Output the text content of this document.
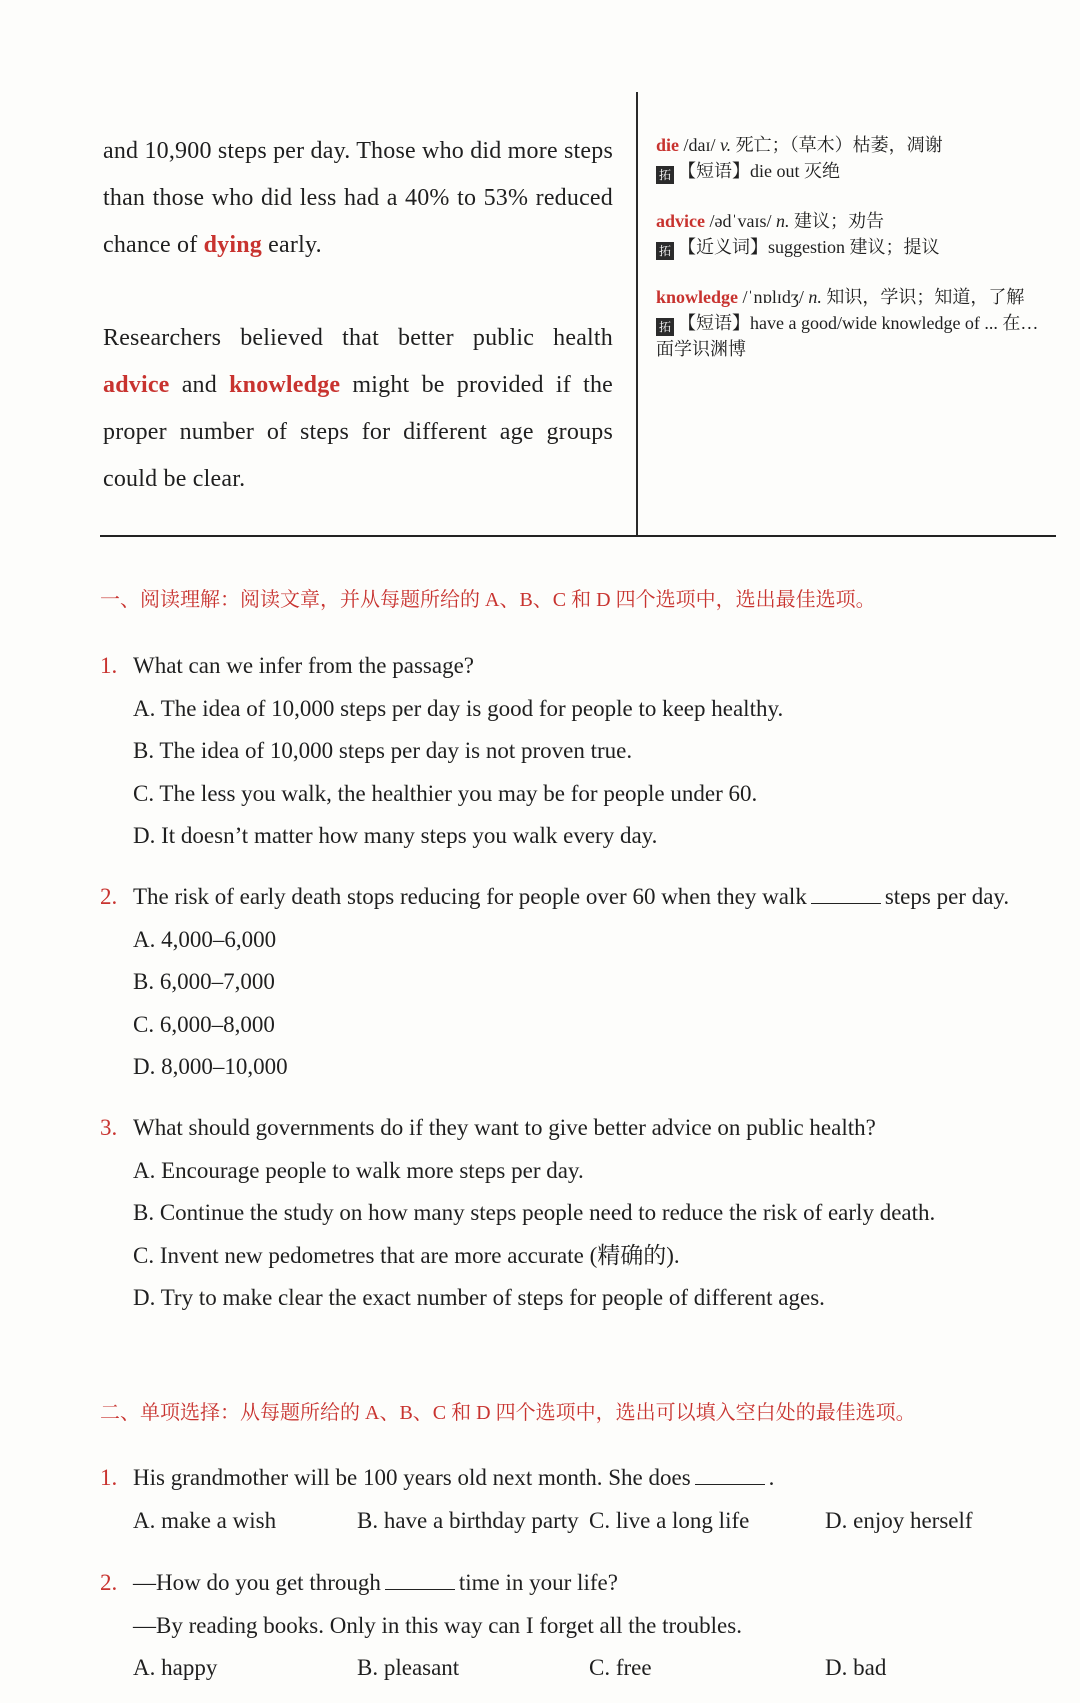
and 10,900 steps per day. Those who did more steps than those who did less had a 40% to 53% reduced chance of dying early.

Researchers believed that better public health advice and knowledge might be provided if the proper number of steps for different age groups could be clear.

die /daɪ/ v. 死亡；（草木）枯萎，凋谢
拓 【短语】die out 灭绝
advice /ədˈvaɪs/ n. 建议；劝告
拓 【近义词】suggestion 建议；提议
knowledge /ˈnɒlɪdʒ/ n. 知识，学识；知道，了解
拓 【短语】have a good/wide knowledge of ... 在…面学识渊博
一、阅读理解：阅读文章，并从每题所给的 A、B、C 和 D 四个选项中，选出最佳选项。
1. What can we infer from the passage?
A. The idea of 10,000 steps per day is good for people to keep healthy.
B. The idea of 10,000 steps per day is not proven true.
C. The less you walk, the healthier you may be for people under 60.
D. It doesn’t matter how many steps you walk every day.
2. The risk of early death stops reducing for people over 60 when they walk	steps per day.
A. 4,000–6,000
B. 6,000–7,000
C. 6,000–8,000
D. 8,000–10,000
3. What should governments do if they want to give better advice on public health?
A. Encourage people to walk more steps per day.
B. Continue the study on how many steps people need to reduce the risk of early death.
C. Invent new pedometres that are more accurate (精确的).
D. Try to make clear the exact number of steps for people of different ages.
二、单项选择：从每题所给的 A、B、C 和 D 四个选项中，选出可以填入空白处的最佳选项。
1. His grandmother will be 100 years old next month. She does	.
A. make a wish	B. have a birthday party C. live a long life	D. enjoy herself
2. —How do you get through	time in your life?
—By reading books. Only in this way can I forget all the troubles.
A. happy	B. pleasant	C. free	D. bad
